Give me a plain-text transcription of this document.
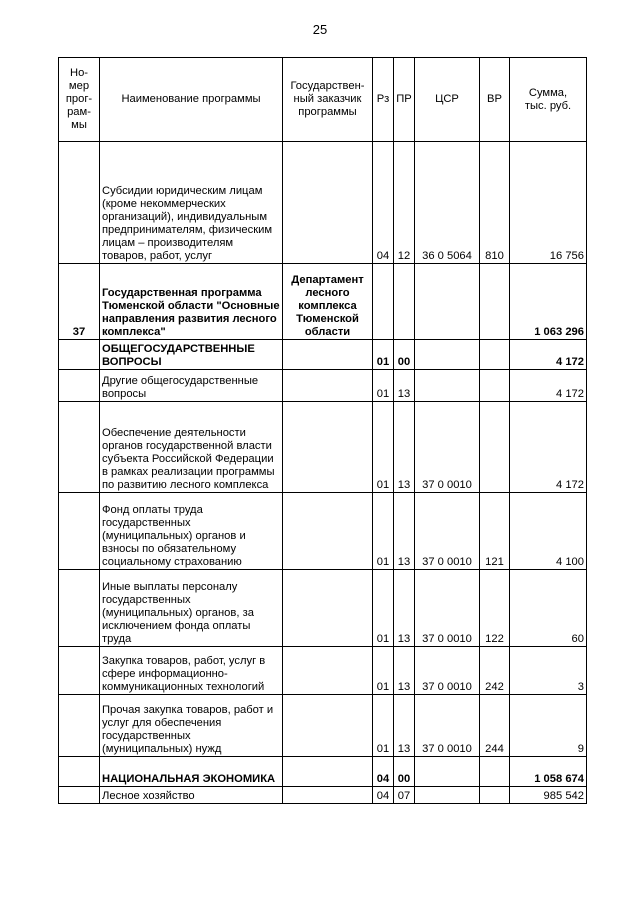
25
Но-
мер
прог-
рам-
мы	Наименование программы	Государствен-
ный заказчик
программы	Рз	ПР	ЦСР	ВР	Сумма,
тыс. руб.
	Субсидии юридическим лицам (кроме некоммерческих организаций), индивидуальным предпринимателям, физическим лицам – производителям товаров, работ, услуг		04	12	36 0 5064	810	16 756
37	Государственная программа Тюменской области "Основные направления развития лесного комплекса"	Департамент лесного комплекса Тюменской области					1 063 296
	ОБЩЕГОСУДАРСТВЕННЫЕ ВОПРОСЫ		01	00			4 172
	Другие общегосударственные вопросы		01	13			4 172
	Обеспечение деятельности органов государственной власти субъекта Российской Федерации в рамках реализации программы по развитию лесного комплекса		01	13	37 0 0010		4 172
	Фонд оплаты труда государственных (муниципальных) органов и взносы по обязательному социальному страхованию		01	13	37 0 0010	121	4 100
	Иные выплаты персоналу государственных (муниципальных) органов, за исключением фонда оплаты труда		01	13	37 0 0010	122	60
	Закупка товаров, работ, услуг в сфере информационно-коммуникационных технологий		01	13	37 0 0010	242	3
	Прочая закупка товаров, работ и услуг для обеспечения государственных (муниципальных) нужд		01	13	37 0 0010	244	9
	НАЦИОНАЛЬНАЯ ЭКОНОМИКА		04	00			1 058 674
	Лесное хозяйство		04	07			985 542
